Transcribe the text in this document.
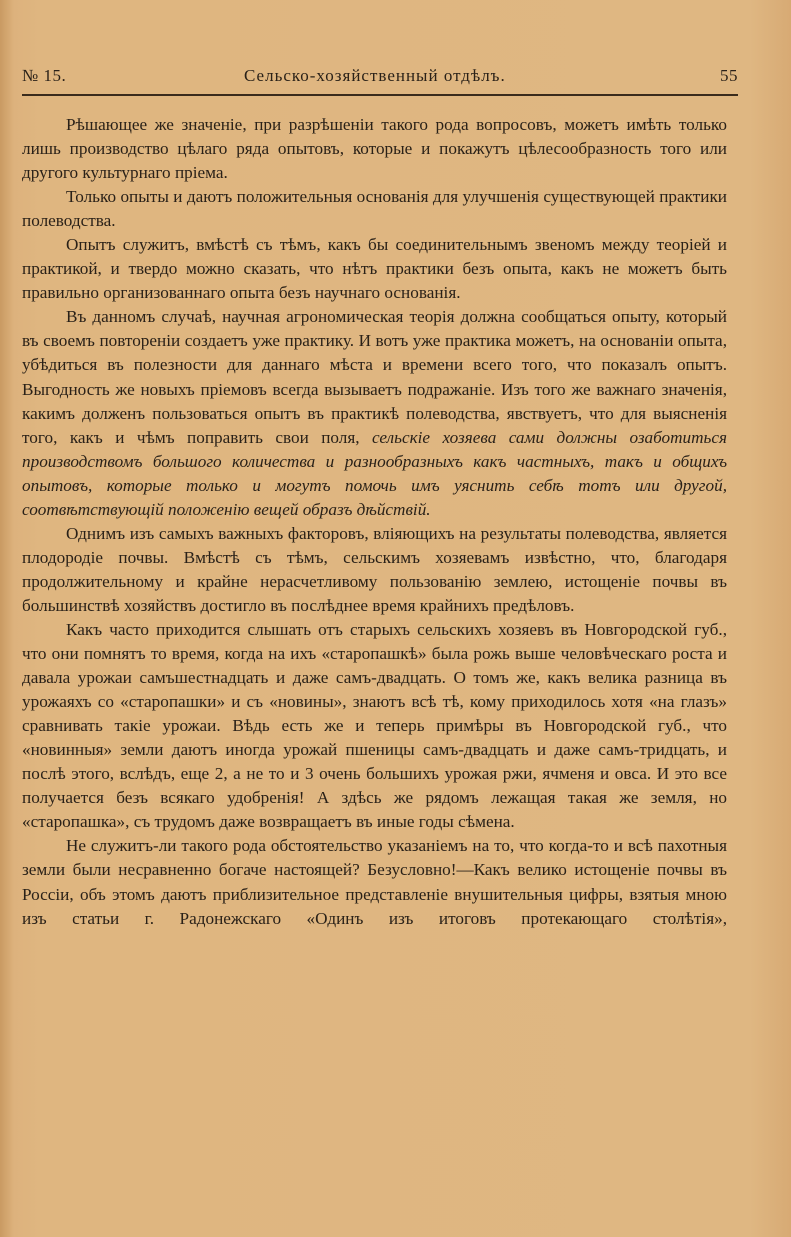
№ 15.	Сельско-хозяйственный отдѣлъ.	55

Рѣшающее же значеніе, при разрѣшеніи такого рода вопросовъ, можетъ имѣть только лишь производство цѣлаго ряда опытовъ, которые и покажутъ цѣлесообразность того или другого культурнаго пріема.

Только опыты и даютъ положительныя основанія для улучшенія существующей практики полеводства.

Опытъ служитъ, вмѣстѣ съ тѣмъ, какъ бы соединительнымъ звеномъ между теоріей и практикой, и твердо можно сказать, что нѣтъ практики безъ опыта, какъ не можетъ быть правильно организованнаго опыта безъ научнаго основанія.

Въ данномъ случаѣ, научная агрономическая теорія должна сообщаться опыту, который въ своемъ повтореніи создаетъ уже практику. И вотъ уже практика можетъ, на основаніи опыта, убѣдиться въ полезности для даннаго мѣста и времени всего того, что показалъ опытъ. Выгодность же новыхъ пріемовъ всегда вызываетъ подражаніе. Изъ того же важнаго значенія, какимъ долженъ пользоваться опытъ въ практикѣ полеводства, явствуетъ, что для выясненія того, какъ и чѣмъ поправить свои поля, сельскіе хозяева сами должны озаботиться производствомъ большого количества и разнообразныхъ какъ частныхъ, такъ и общихъ опытовъ, которые только и могутъ помочь имъ уяснить себѣ тотъ или другой, соотвѣтствующій положенію вещей образъ дѣйствій.

Однимъ изъ самыхъ важныхъ факторовъ, вліяющихъ на результаты полеводства, является плодородіе почвы. Вмѣстѣ съ тѣмъ, сельскимъ хозяевамъ извѣстно, что, благодаря продолжительному и крайне нерасчетливому пользованію землею, истощеніе почвы въ большинствѣ хозяйствъ достигло въ послѣднее время крайнихъ предѣловъ.

Какъ часто приходится слышать отъ старыхъ сельскихъ хозяевъ въ Новгородской губ., что они помнятъ то время, когда на ихъ «старопашкѣ» была рожь выше человѣческаго роста и давала урожаи самъшестнадцать и даже самъ-двадцать. О томъ же, какъ велика разница въ урожаяхъ со «старопашки» и съ «новины», знаютъ всѣ тѣ, кому приходилось хотя «на глазъ» сравнивать такіе урожаи. Вѣдь есть же и теперь примѣры въ Новгородской губ., что «новинныя» земли даютъ иногда урожай пшеницы самъ-двадцать и даже самъ-тридцать, и послѣ этого, вслѣдъ, еще 2, а не то и 3 очень большихъ урожая ржи, ячменя и овса. И это все получается безъ всякаго удобренія! А здѣсь же рядомъ лежащая такая же земля, но «старопашка», съ трудомъ даже возвращаетъ въ иные годы сѣмена.

Не служитъ-ли такого рода обстоятельство указаніемъ на то, что когда-то и всѣ пахотныя земли были несравненно богаче настоящей? Безусловно!—Какъ велико истощеніе почвы въ Россіи, объ этомъ даютъ приблизительное представленіе внушительныя цифры, взятыя мною изъ статьи г. Радонежскаго «Одинъ изъ итоговъ протекающаго столѣтія»,
